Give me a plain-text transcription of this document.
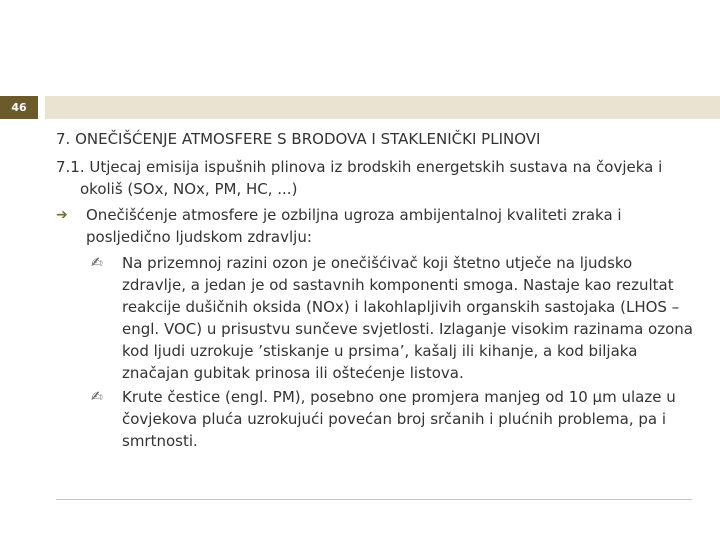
46

7. ONEČIŠĆENJE ATMOSFERE S BRODOVA I STAKLENIČKI PLINOVI

7.1. Utjecaj emisija ispušnih plinova iz brodskih energetskih sustava na čovjeka i okoliš (SOx, NOx, PM, HC, ...)

➔ Onečišćenje atmosfere je ozbiljna ugroza ambijentalnoj kvaliteti zraka i posljedično ljudskom zdravlju:
✍ Na prizemnoj razini ozon je onečišćivač koji štetno utječe na ljudsko zdravlje, a jedan je od sastavnih komponenti smoga. Nastaje kao rezultat reakcije dušičnih oksida (NOx) i lakohlapljivih organskih sastojaka (LHOS – engl. VOC) u prisustvu sunčeve svjetlosti. Izlaganje visokim razinama ozona kod ljudi uzrokuje ’stiskanje u prsima’, kašalj ili kihanje, a kod biljaka značajan gubitak prinosa ili oštećenje listova.
✍ Krute čestice (engl. PM), posebno one promjera manjeg od 10 µm ulaze u čovjekova pluća uzrokujući povećan broj srčanih i plućnih problema, pa i smrtnosti.
